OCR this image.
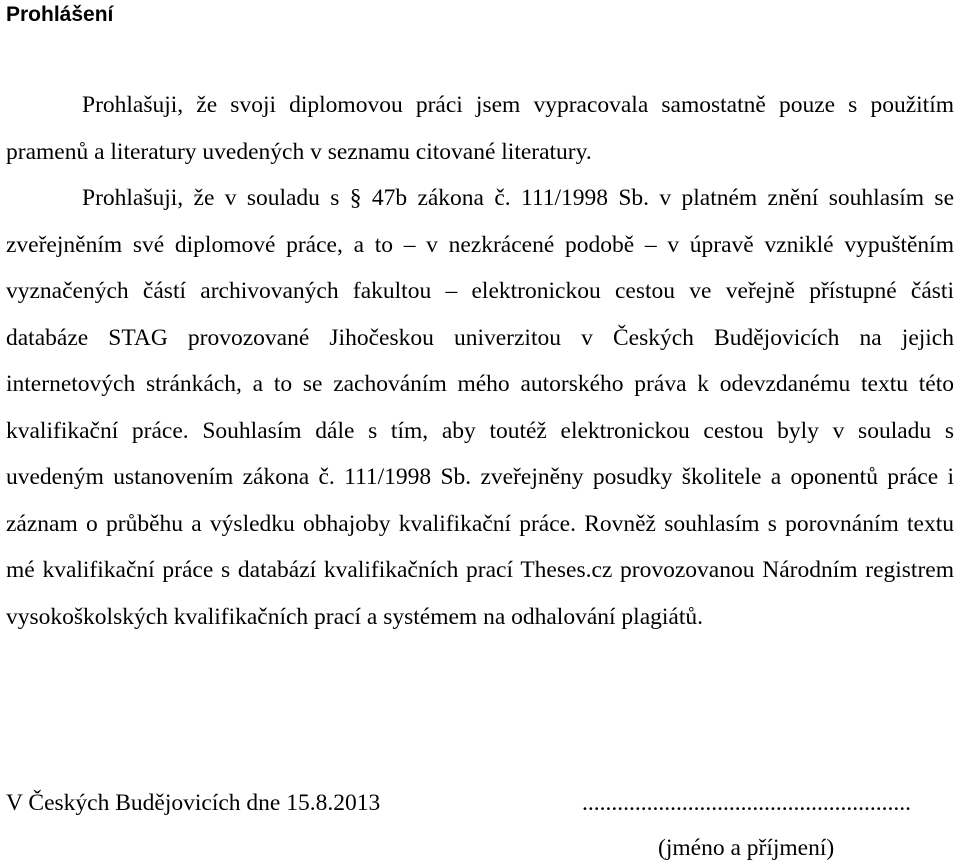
Prohlášení

Prohlašuji, že svoji diplomovou práci jsem vypracovala samostatně pouze s použitím pramenů a literatury uvedených v seznamu citované literatury.

Prohlašuji, že v souladu s § 47b zákona č. 111/1998 Sb. v platném znění souhlasím se zveřejněním své diplomové práce, a to – v nezkrácené podobě – v úpravě vzniklé vypuštěním vyznačených částí archivovaných fakultou – elektronickou cestou ve veřejně přístupné části databáze STAG provozované Jihočeskou univerzitou v Českých Budějovicích na jejich internetových stránkách, a to se zachováním mého autorského práva k odevzdanému textu této kvalifikační práce. Souhlasím dále s tím, aby toutéž elektronickou cestou byly v souladu s uvedeným ustanovením zákona č. 111/1998 Sb. zveřejněny posudky školitele a oponentů práce i záznam o průběhu a výsledku obhajoby kvalifikační práce. Rovněž souhlasím s porovnáním textu mé kvalifikační práce s databází kvalifikačních prací Theses.cz provozovanou Národním registrem vysokoškolských kvalifikačních prací a systémem na odhalování plagiátů.

V Českých Budějovicích dne 15.8.2013	........................................................
(jméno a příjmení)
